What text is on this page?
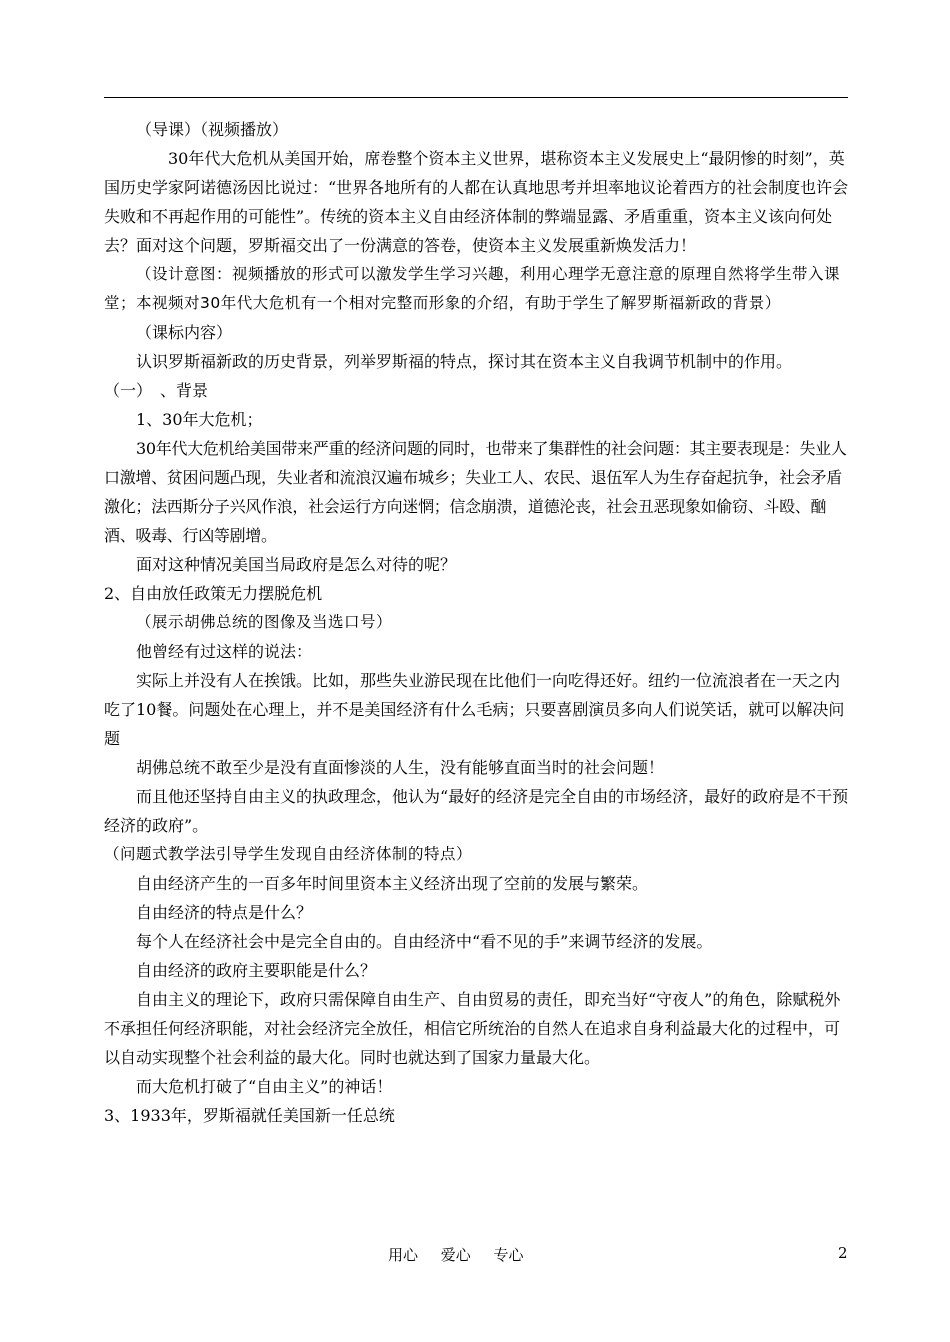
（导课）（视频播放）

30年代大危机从美国开始，席卷整个资本主义世界，堪称资本主义发展史上“最阴惨的时刻”，英国历史学家阿诺德汤因比说过：“世界各地所有的人都在认真地思考并坦率地议论着西方的社会制度也许会失败和不再起作用的可能性”。传统的资本主义自由经济体制的弊端显露、矛盾重重，资本主义该向何处去？面对这个问题，罗斯福交出了一份满意的答卷，使资本主义发展重新焕发活力！

（设计意图：视频播放的形式可以激发学生学习兴趣，利用心理学无意注意的原理自然将学生带入课堂；本视频对30年代大危机有一个相对完整而形象的介绍，有助于学生了解罗斯福新政的背景）

（课标内容）

认识罗斯福新政的历史背景，列举罗斯福的特点，探讨其在资本主义自我调节机制中的作用。

（一）　、背景

1、30年大危机；

30年代大危机给美国带来严重的经济问题的同时，也带来了集群性的社会问题：其主要表现是：失业人口激增、贫困问题凸现，失业者和流浪汉遍布城乡；失业工人、农民、退伍军人为生存奋起抗争，社会矛盾激化；法西斯分子兴风作浪，社会运行方向迷惘；信念崩溃，道德沦丧，社会丑恶现象如偷窃、斗殴、酗酒、吸毒、行凶等剧增。

面对这种情况美国当局政府是怎么对待的呢？

2、自由放任政策无力摆脱危机

（展示胡佛总统的图像及当选口号）

他曾经有过这样的说法：

实际上并没有人在挨饿。比如，那些失业游民现在比他们一向吃得还好。纽约一位流浪者在一天之内吃了10餐。问题处在心理上，并不是美国经济有什么毛病；只要喜剧演员多向人们说笑话，就可以解决问题

胡佛总统不敢至少是没有直面惨淡的人生，没有能够直面当时的社会问题！

而且他还坚持自由主义的执政理念，他认为“最好的经济是完全自由的市场经济，最好的政府是不干预经济的政府”。

（问题式教学法引导学生发现自由经济体制的特点）

自由经济产生的一百多年时间里资本主义经济出现了空前的发展与繁荣。

自由经济的特点是什么？

每个人在经济社会中是完全自由的。自由经济中“看不见的手”来调节经济的发展。

自由经济的政府主要职能是什么？

自由主义的理论下，政府只需保障自由生产、自由贸易的责任，即充当好“守夜人”的角色，除赋税外不承担任何经济职能，对社会经济完全放任，相信它所统治的自然人在追求自身利益最大化的过程中，可以自动实现整个社会利益的最大化。同时也就达到了国家力量最大化。

而大危机打破了“自由主义”的神话！

3、1933年，罗斯福就任美国新一任总统

用心 爱心 专心	2
